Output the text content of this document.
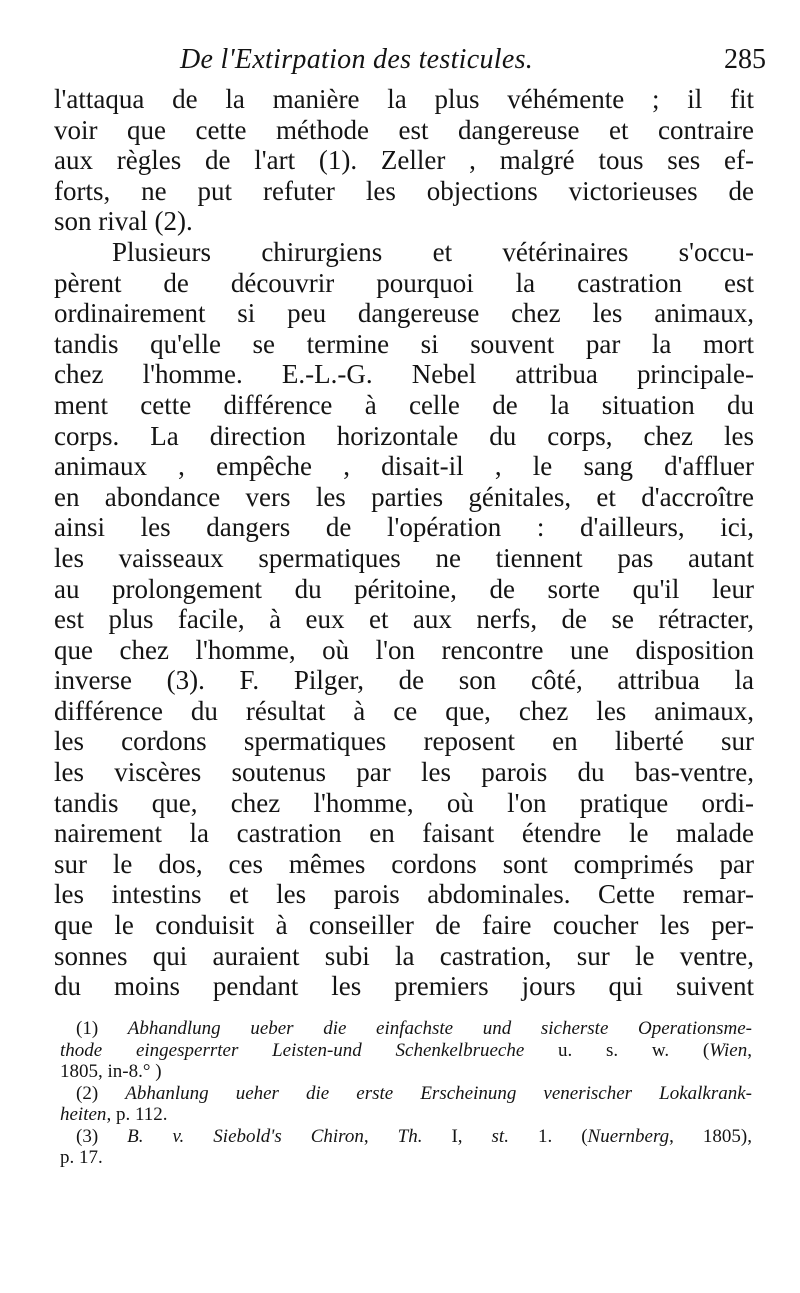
De l'Extirpation des testicules.	285
l'attaqua de la manière la plus véhémente ; il fit
voir que cette méthode est dangereuse et contraire
aux règles de l'art (1). Zeller , malgré tous ses ef-
forts, ne put refuter les objections victorieuses de
son rival (2).
Plusieurs chirurgiens et vétérinaires s'occu-
pèrent de découvrir pourquoi la castration est
ordinairement si peu dangereuse chez les animaux,
tandis qu'elle se termine si souvent par la mort
chez l'homme. E.-L.-G. Nebel attribua principale-
ment cette différence à celle de la situation du
corps. La direction horizontale du corps, chez les
animaux , empêche , disait-il , le sang d'affluer
en abondance vers les parties génitales, et d'accroître
ainsi les dangers de l'opération : d'ailleurs, ici,
les vaisseaux spermatiques ne tiennent pas autant
au prolongement du péritoine, de sorte qu'il leur
est plus facile, à eux et aux nerfs, de se rétracter,
que chez l'homme, où l'on rencontre une disposition
inverse (3). F. Pilger, de son côté, attribua la
différence du résultat à ce que, chez les animaux,
les cordons spermatiques reposent en liberté sur
les viscères soutenus par les parois du bas-ventre,
tandis que, chez l'homme, où l'on pratique ordi-
nairement la castration en faisant étendre le malade
sur le dos, ces mêmes cordons sont comprimés par
les intestins et les parois abdominales. Cette remar-
que le conduisit à conseiller de faire coucher les per-
sonnes qui auraient subi la castration, sur le ventre,
du moins pendant les premiers jours qui suivent
(1) Abhandlung ueber die einfachste und sicherste Operationsme-
thode eingesperrter Leisten-und Schenkelbrueche u. s. w. (Wien,
1805, in-8.° )
(2) Abhanlung ueher die erste Erscheinung venerischer Lokalkrank-
heiten, p. 112.
(3) B. v. Siebold's Chiron, Th. I, st. 1. (Nuernberg, 1805),
p. 17.
